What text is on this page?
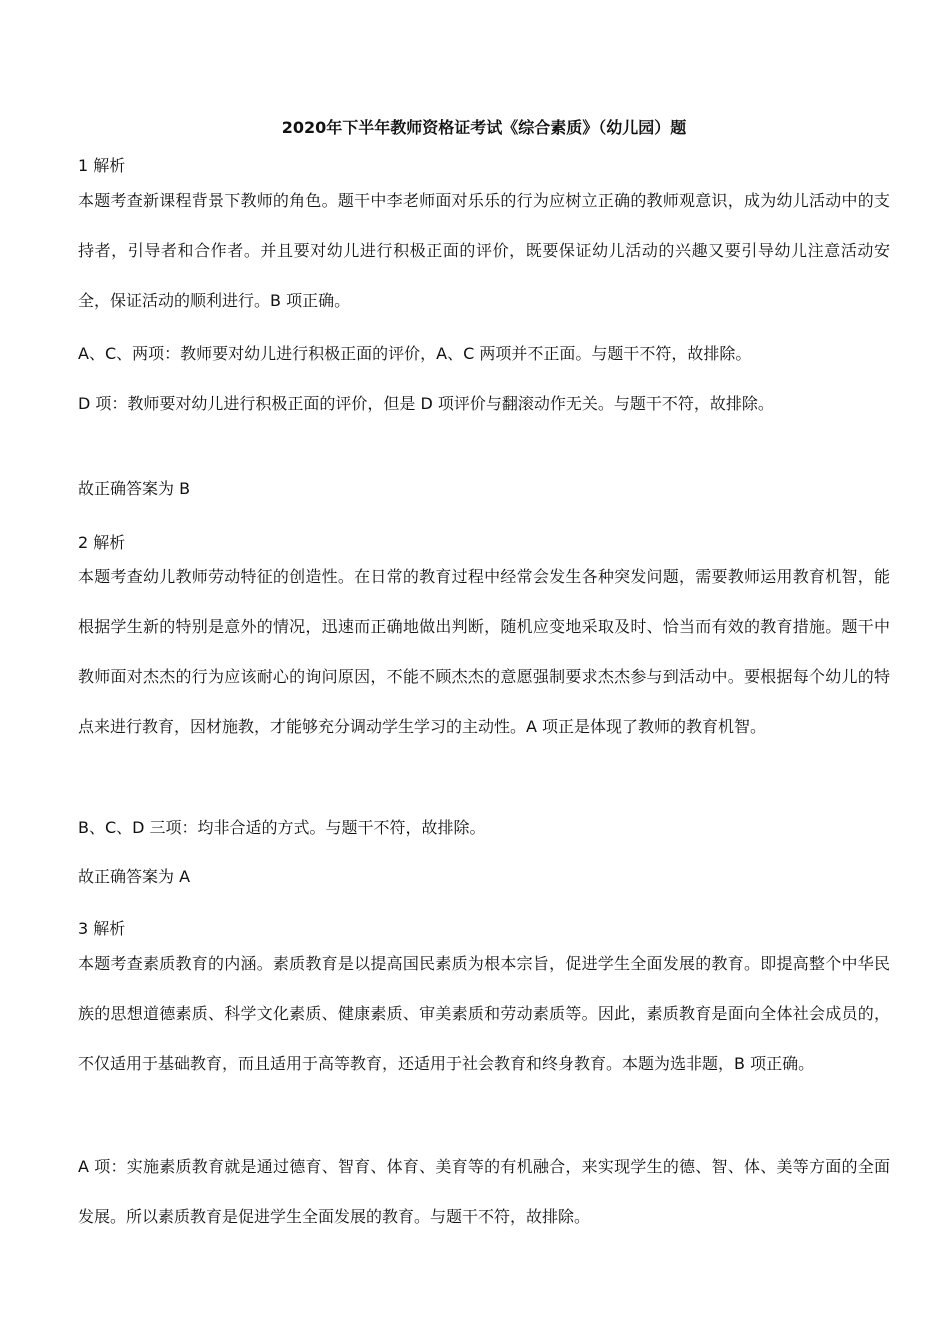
2020年下半年教师资格证考试《综合素质》（幼儿园）题

1 解析

本题考查新课程背景下教师的角色。题干中李老师面对乐乐的行为应树立正确的教师观意识，成为幼儿活动中的支持者，引导者和合作者。并且要对幼儿进行积极正面的评价，既要保证幼儿活动的兴趣又要引导幼儿注意活动安全，保证活动的顺利进行。B 项正确。

A、C、两项：教师要对幼儿进行积极正面的评价，A、C 两项并不正面。与题干不符，故排除。

D 项：教师要对幼儿进行积极正面的评价，但是 D 项评价与翻滚动作无关。与题干不符，故排除。

故正确答案为 B

2 解析

本题考查幼儿教师劳动特征的创造性。在日常的教育过程中经常会发生各种突发问题，需要教师运用教育机智，能根据学生新的特别是意外的情况，迅速而正确地做出判断，随机应变地采取及时、恰当而有效的教育措施。题干中教师面对杰杰的行为应该耐心的询问原因，不能不顾杰杰的意愿强制要求杰杰参与到活动中。要根据每个幼儿的特点来进行教育，因材施教，才能够充分调动学生学习的主动性。A 项正是体现了教师的教育机智。

B、C、D 三项：均非合适的方式。与题干不符，故排除。

故正确答案为 A

3 解析

本题考查素质教育的内涵。素质教育是以提高国民素质为根本宗旨，促进学生全面发展的教育。即提高整个中华民族的思想道德素质、科学文化素质、健康素质、审美素质和劳动素质等。因此，素质教育是面向全体社会成员的，不仅适用于基础教育，而且适用于高等教育，还适用于社会教育和终身教育。本题为选非题，B 项正确。

A 项：实施素质教育就是通过德育、智育、体育、美育等的有机融合，来实现学生的德、智、体、美等方面的全面发展。所以素质教育是促进学生全面发展的教育。与题干不符，故排除。
